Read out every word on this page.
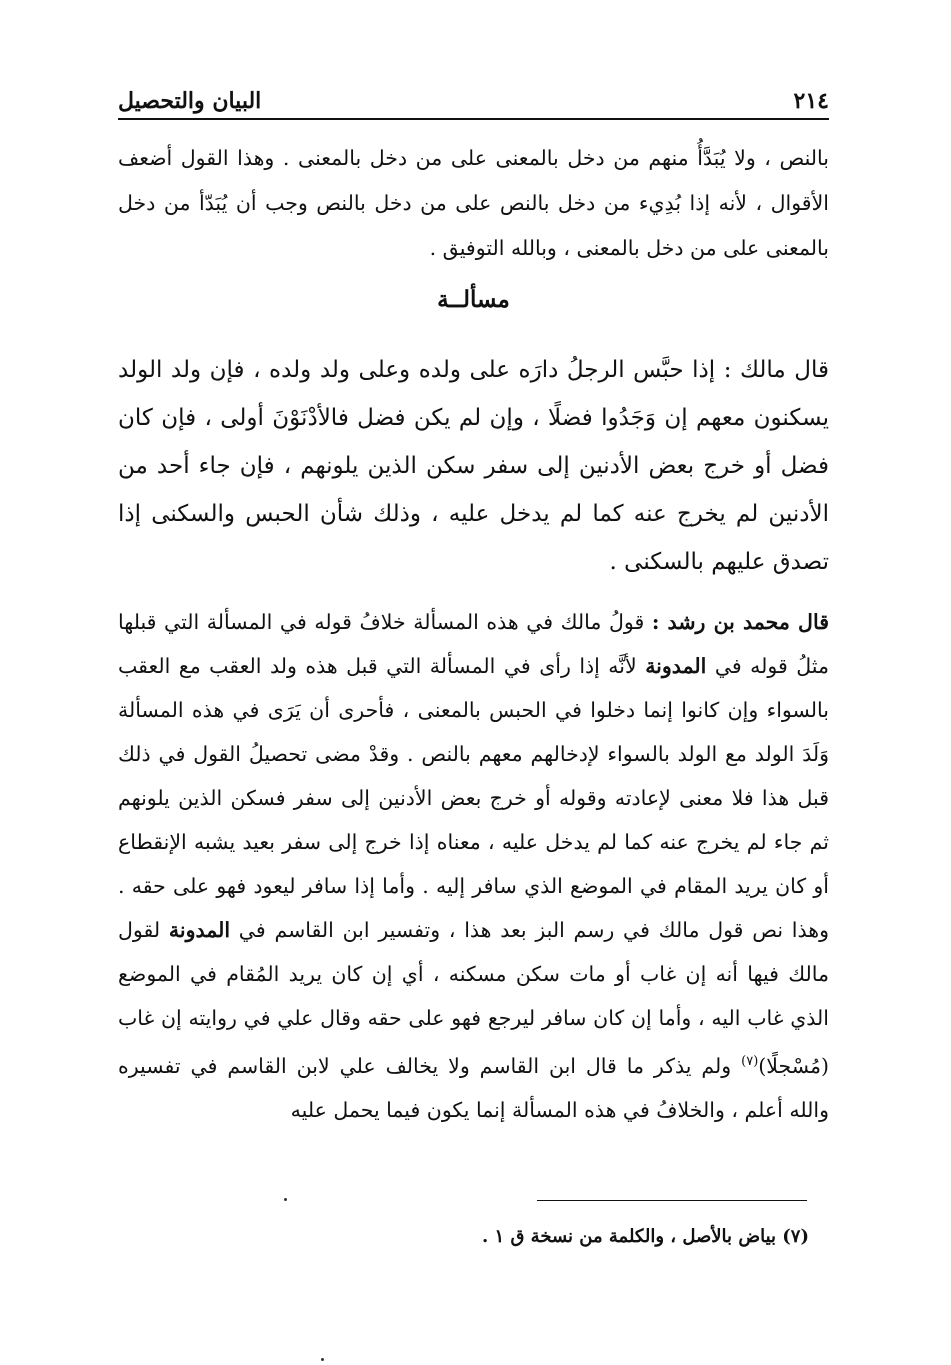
٢١٤
البيان والتحصيل

بالنص ، ولا يُبَدَّأُ منهم من دخل بالمعنى على من دخل بالمعنى . وهذا القول أضعف الأقوال ، لأنه إذا بُدِيء من دخل بالنص على من دخل بالنص وجب أن يُبَدّأ من دخل بالمعنى على من دخل بالمعنى ، وبالله التوفيق .

مسألــة

قال مالك : إذا حبَّس الرجلُ دارَه على ولده وعلى ولد ولده ، فإن ولد الولد يسكنون معهم إن وَجَدُوا فضلًا ، وإن لم يكن فضل فالأدْنَوْنَ أولى ، فإن كان فضل أو خرج بعض الأدنين إلى سفر سكن الذين يلونهم ، فإن جاء أحد من الأدنين لم يخرج عنه كما لم يدخل عليه ، وذلك شأن الحبس والسكنى إذا تصدق عليهم بالسكنى .

قال محمد بن رشد : قولُ مالك في هذه المسألة خلافُ قوله في المسألة التي قبلها مثلُ قوله في المدونة لأنَّه إذا رأى في المسألة التي قبل هذه ولد العقب مع العقب بالسواء وإن كانوا إنما دخلوا في الحبس بالمعنى ، فأحرى أن يَرَى في هذه المسألة وَلَدَ الولد مع الولد بالسواء لإدخالهم معهم بالنص . وقدْ مضى تحصيلُ القول في ذلك قبل هذا فلا معنى لإعادته وقوله أو خرج بعض الأدنين إلى سفر فسكن الذين يلونهم ثم جاء لم يخرج عنه كما لم يدخل عليه ، معناه إذا خرج إلى سفر بعيد يشبه الإنقطاع أو كان يريد المقام في الموضع الذي سافر إليه . وأما إذا سافر ليعود فهو على حقه . وهذا نص قول مالك في رسم البز بعد هذا ، وتفسير ابن القاسم في المدونة لقول مالك فيها أنه إن غاب أو مات سكن مسكنه ، أي إن كان يريد المُقام في الموضع الذي غاب اليه ، وأما إن كان سافر ليرجع فهو على حقه وقال علي في روايته إن غاب (مُسْجلًا)$^{(٧)}$ ولم يذكر ما قال ابن القاسم ولا يخالف علي لابن القاسم في تفسيره والله أعلم ، والخلافُ في هذه المسألة إنما يكون فيما يحمل عليه

(٧) بياض بالأصل ، والكلمة من نسخة ق ١ .
